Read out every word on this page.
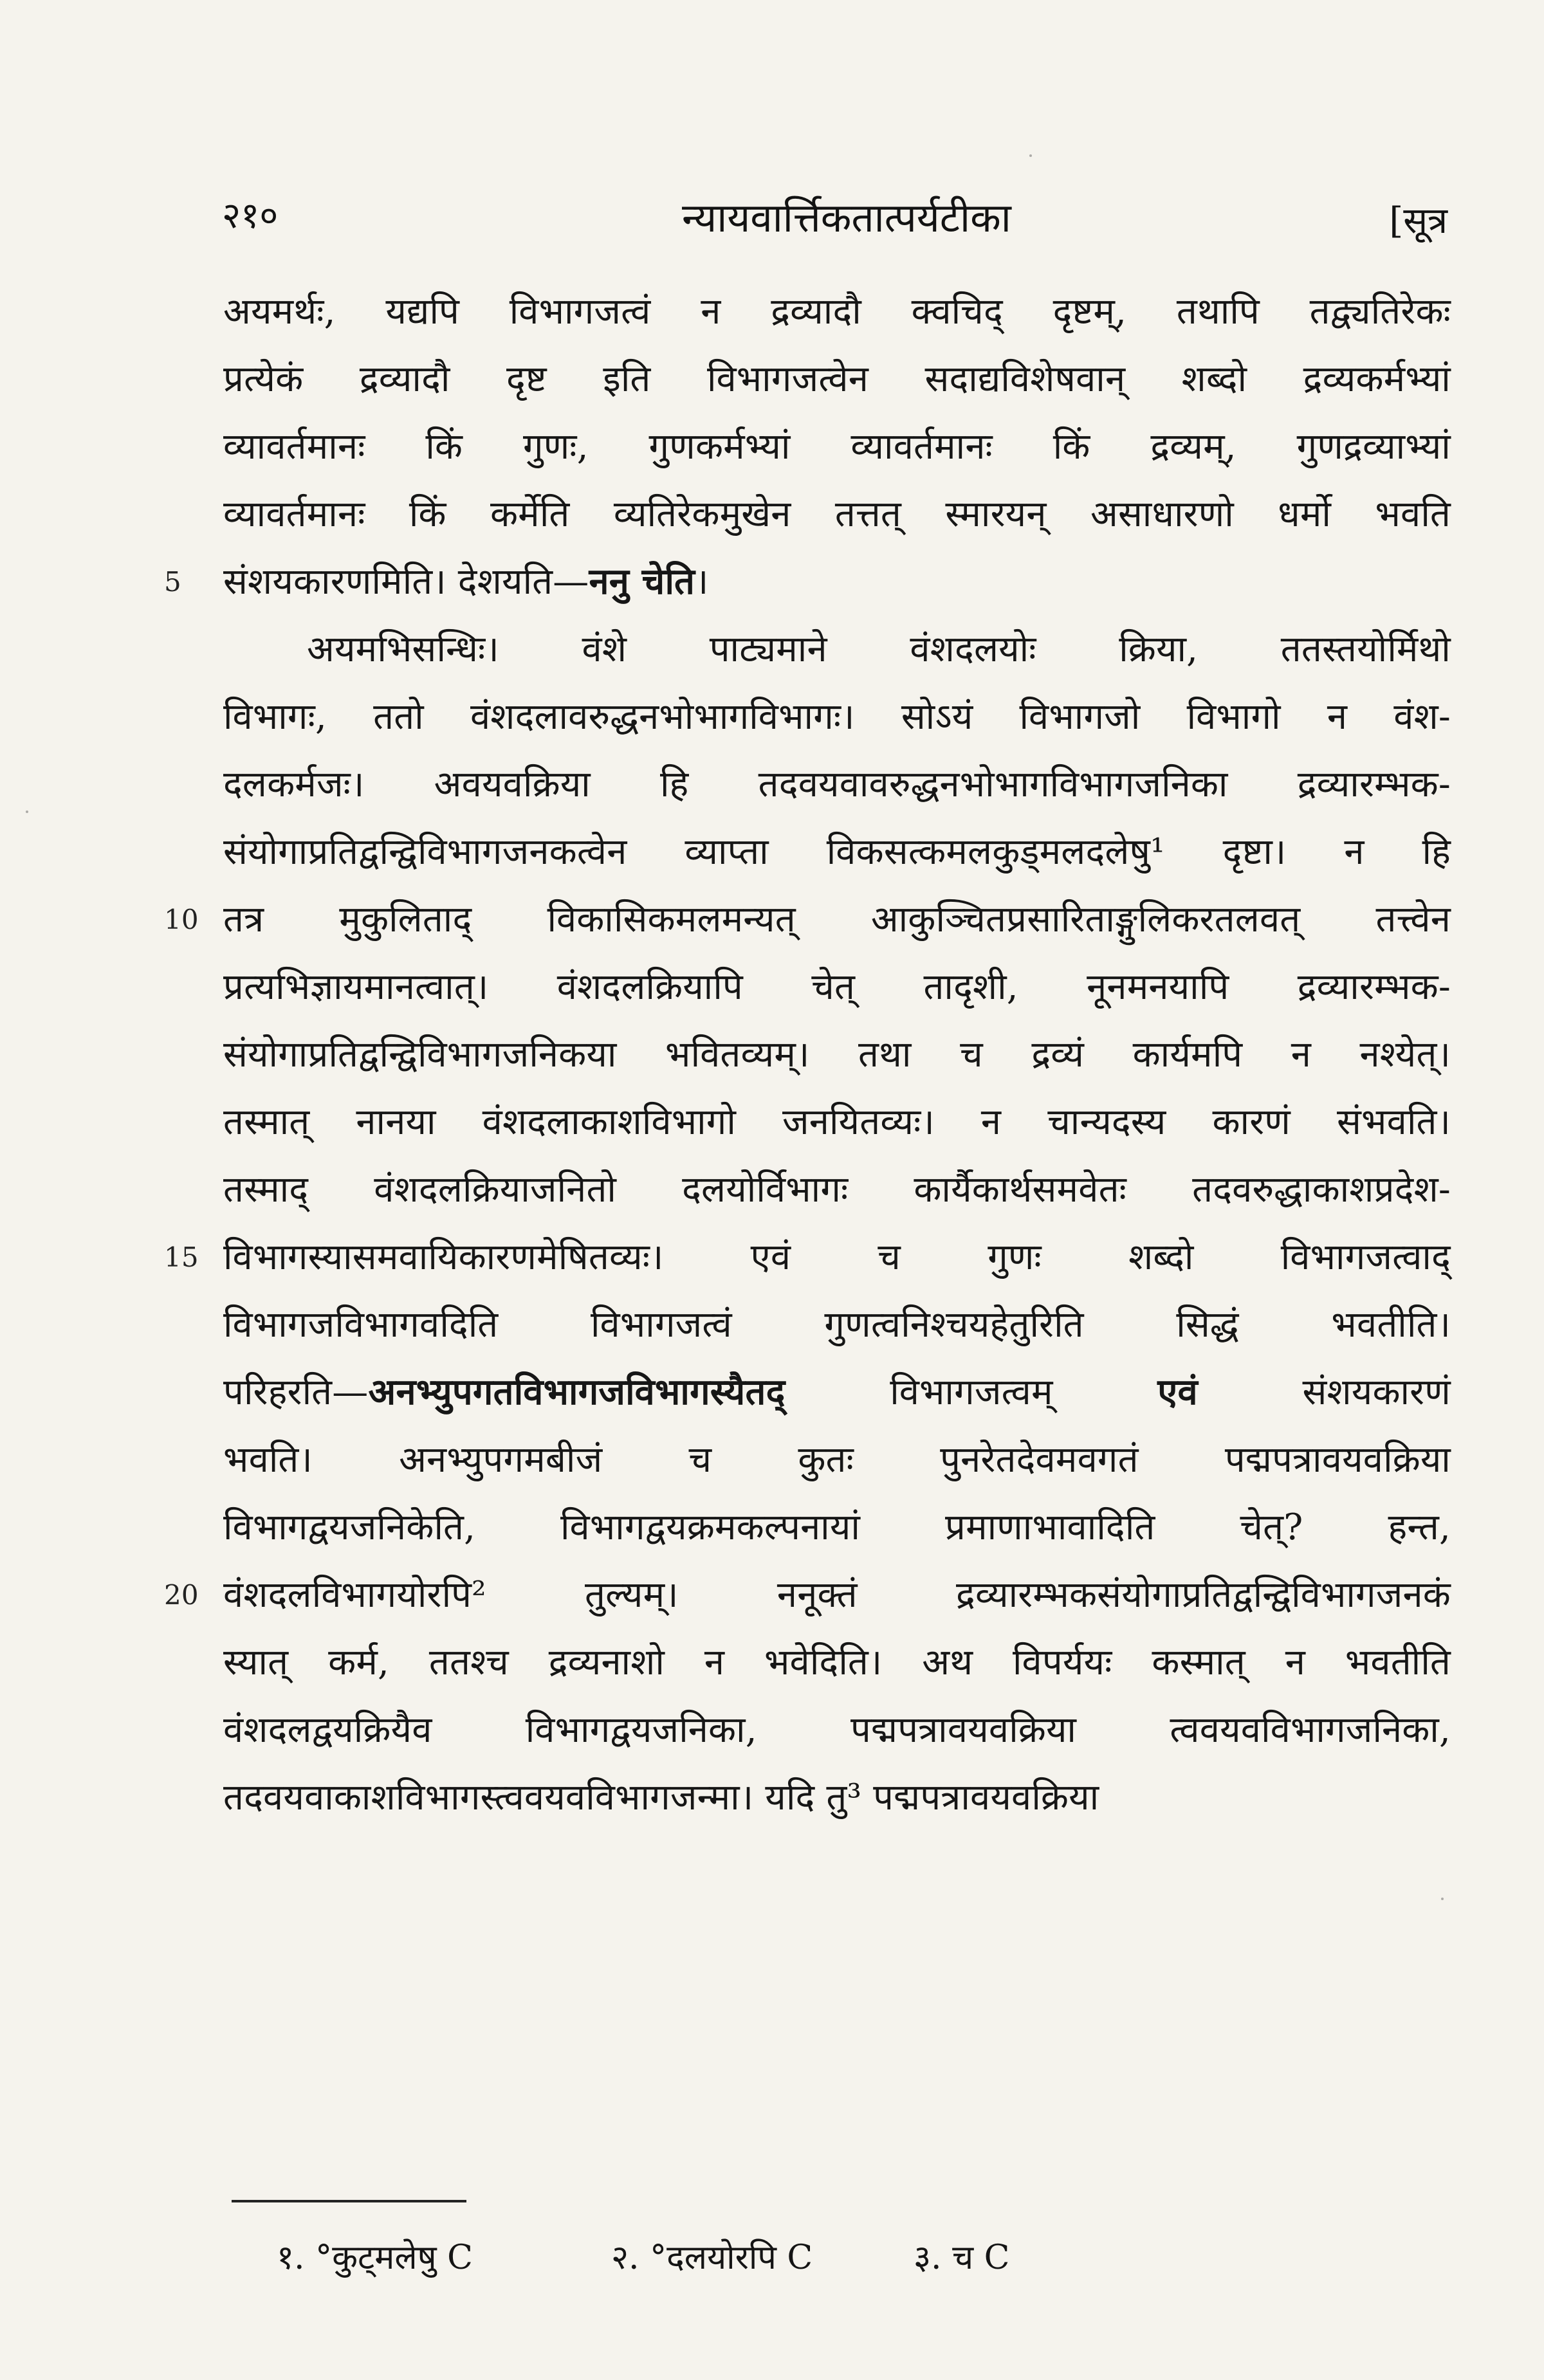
२१०	न्यायवार्त्तिकतात्पर्यटीका	[सूत्र
अयमर्थः, यद्यपि विभागजत्वं न द्रव्यादौ क्वचिद् दृष्टम्, तथापि तद्व्यतिरेकः
प्रत्येकं द्रव्यादौ दृष्ट इति विभागजत्वेन सदाद्यविशेषवान् शब्दो द्रव्यकर्मभ्यां
व्यावर्तमानः किं गुणः, गुणकर्मभ्यां व्यावर्तमानः किं द्रव्यम्, गुणद्रव्याभ्यां
व्यावर्तमानः किं कर्मेति व्यतिरेकमुखेन तत्तत् स्मारयन् असाधारणो धर्मो भवति
5	संशयकारणमिति। देशयति—ननु चेति।
अयमभिसन्धिः। वंशे पाट्यमाने वंशदलयोः क्रिया, ततस्तयोर्मिथो
विभागः, ततो वंशदलावरुद्धनभोभागविभागः। सोऽयं विभागजो विभागो न वंश-
दलकर्मजः। अवयवक्रिया हि तदवयवावरुद्धनभोभागविभागजनिका द्रव्यारम्भक-
संयोगाप्रतिद्वन्द्विविभागजनकत्वेन व्याप्ता विकसत्कमलकुड्मलदलेषु¹ दृष्टा। न हि
10 तत्र मुकुलिताद् विकासिकमलमन्यत् आकुञ्चितप्रसारिताङ्गुलिकरतलवत् तत्त्वेन
प्रत्यभिज्ञायमानत्वात्। वंशदलक्रियापि चेत् तादृशी, नूनमनयापि द्रव्यारम्भक-
संयोगाप्रतिद्वन्द्विविभागजनिकया भवितव्यम्। तथा च द्रव्यं कार्यमपि न नश्येत्।
तस्मात् नानया वंशदलाकाशविभागो जनयितव्यः। न चान्यदस्य कारणं संभवति।
तस्माद् वंशदलक्रियाजनितो दलयोर्विभागः कार्यैकार्थसमवेतः तदवरुद्धाकाशप्रदेश-
15 विभागस्यासमवायिकारणमेषितव्यः। एवं च गुणः शब्दो विभागजत्वाद्
विभागजविभागवदिति विभागजत्वं गुणत्वनिश्चयहेतुरिति सिद्धं भवतीति।
परिहरति—अनभ्युपगतविभागजविभागस्यैतद् विभागजत्वम् एवं संशयकारणं
भवति। अनभ्युपगमबीजं च कुतः पुनरेतदेवमवगतं पद्मपत्रावयवक्रिया
विभागद्वयजनिकेति, विभागद्वयक्रमकल्पनायां प्रमाणाभावादिति चेत्? हन्त,
20 वंशदलविभागयोरपि² तुल्यम्। ननूक्तं द्रव्यारम्भकसंयोगाप्रतिद्वन्द्विविभागजनकं
स्यात् कर्म, ततश्च द्रव्यनाशो न भवेदिति। अथ विपर्ययः कस्मात् न भवतीति
वंशदलद्वयक्रियैव विभागद्वयजनिका, पद्मपत्रावयवक्रिया त्ववयवविभागजनिका,
तदवयवाकाशविभागस्त्ववयवविभागजन्मा। यदि तु³ पद्मपत्रावयवक्रिया
१. °कुट्मलेषु C	२. °दलयोरपि C	३. च C
